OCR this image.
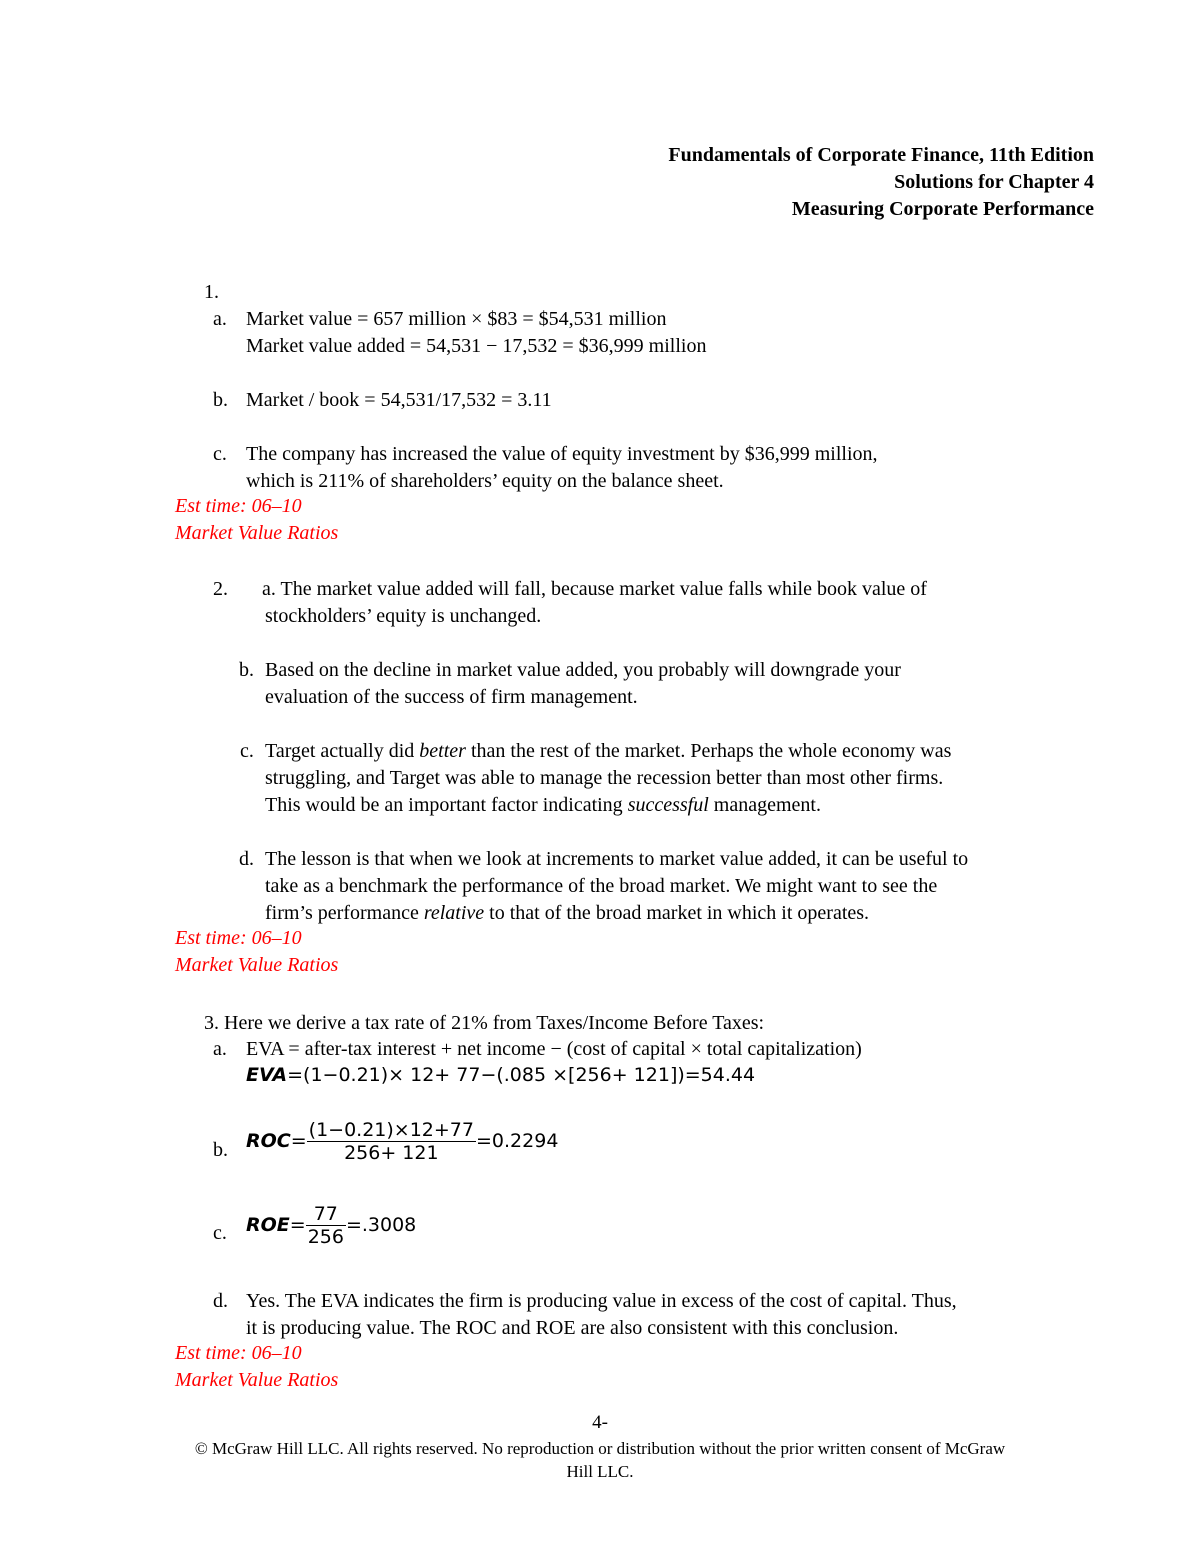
Fundamentals of Corporate Finance, 11th Edition
Solutions for Chapter 4
Measuring Corporate Performance
1.
a. Market value = 657 million × $83 = $54,531 million
Market value added = 54,531 − 17,532 = $36,999 million
b. Market / book = 54,531/17,532 = 3.11
c. The company has increased the value of equity investment by $36,999 million,
which is 211% of shareholders’ equity on the balance sheet.
Est time: 06–10
Market Value Ratios
2. a. The market value added will fall, because market value falls while book value of
stockholders’ equity is unchanged.
b. Based on the decline in market value added, you probably will downgrade your
evaluation of the success of firm management.
c. Target actually did better than the rest of the market. Perhaps the whole economy was
struggling, and Target was able to manage the recession better than most other firms.
This would be an important factor indicating successful management.
d. The lesson is that when we look at increments to market value added, it can be useful to
take as a benchmark the performance of the broad market. We might want to see the
firm’s performance relative to that of the broad market in which it operates.
Est time: 06–10
Market Value Ratios
3. Here we derive a tax rate of 21% from Taxes/Income Before Taxes:
a. EVA = after-tax interest + net income − (cost of capital × total capitalization)
EVA=(1−0.21)× 12+ 77−(.085 ×[256+ 121])=54.44
b. $ROC= \frac{(1-0.21)\times 12+77}{256+ 121} =0.2294$
c. $ROE= \frac{77}{256} =.3008$
d. Yes. The EVA indicates the firm is producing value in excess of the cost of capital. Thus,
it is producing value. The ROC and ROE are also consistent with this conclusion.
Est time: 06–10
Market Value Ratios
4-
© McGraw Hill LLC. All rights reserved. No reproduction or distribution without the prior written consent of McGraw
Hill LLC.
